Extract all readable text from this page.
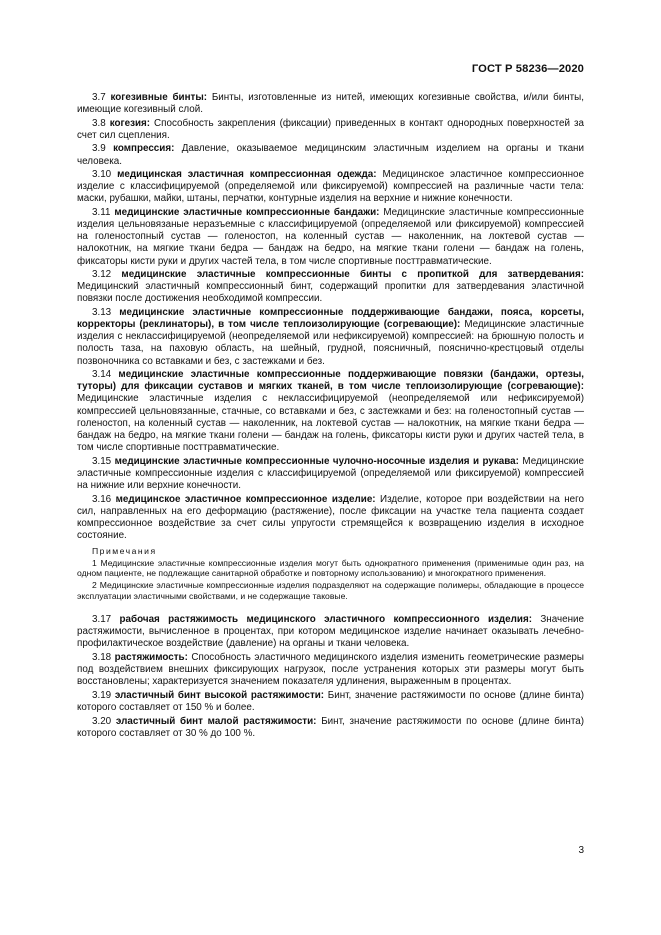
ГОСТ Р 58236—2020

3.7 когезивные бинты: Бинты, изготовленные из нитей, имеющих когезивные свойства, и/или бинты, имеющие когезивный слой.

3.8 когезия: Способность закрепления (фиксации) приведенных в контакт однородных поверхностей за счет сил сцепления.

3.9 компрессия: Давление, оказываемое медицинским эластичным изделием на органы и ткани человека.

3.10 медицинская эластичная компрессионная одежда: Медицинское эластичное компрессионное изделие с классифицируемой (определяемой или фиксируемой) компрессией на различные части тела: маски, рубашки, майки, штаны, перчатки, контурные изделия на верхние и нижние конечности.

3.11 медицинские эластичные компрессионные бандажи: Медицинские эластичные компрессионные изделия цельновязаные неразъемные с классифицируемой (определяемой или фиксируемой) компрессией на голеностопный сустав — голеностоп, на коленный сустав — наколенник, на локтевой сустав — налокотник, на мягкие ткани бедра — бандаж на бедро, на мягкие ткани голени — бандаж на голень, фиксаторы кисти руки и других частей тела, в том числе спортивные посттравматические.

3.12 медицинские эластичные компрессионные бинты с пропиткой для затвердевания: Медицинский эластичный компрессионный бинт, содержащий пропитки для затвердевания эластичной повязки после достижения необходимой компрессии.

3.13 медицинские эластичные компрессионные поддерживающие бандажи, пояса, корсеты, корректоры (реклинаторы), в том числе теплоизолирующие (согревающие): Медицинские эластичные изделия с неклассифицируемой (неопределяемой или нефиксируемой) компрессией: на брюшную полость и полость таза, на паховую область, на шейный, грудной, поясничный, пояснично-крестцовый отделы позвоночника со вставками и без, с застежками и без.

3.14 медицинские эластичные компрессионные поддерживающие повязки (бандажи, ортезы, туторы) для фиксации суставов и мягких тканей, в том числе теплоизолирующие (согревающие): Медицинские эластичные изделия с неклассифицируемой (неопределяемой или нефиксируемой) компрессией цельновязанные, стачные, со вставками и без, с застежками и без: на голеностопный сустав — голеностоп, на коленный сустав — наколенник, на локтевой сустав — налокотник, на мягкие ткани бедра — бандаж на бедро, на мягкие ткани голени — бандаж на голень, фиксаторы кисти руки и других частей тела, в том числе спортивные посттравматические.

3.15 медицинские эластичные компрессионные чулочно-носочные изделия и рукава: Медицинские эластичные компрессионные изделия с классифицируемой (определяемой или фиксируемой) компрессией на нижние или верхние конечности.

3.16 медицинское эластичное компрессионное изделие: Изделие, которое при воздействии на него сил, направленных на его деформацию (растяжение), после фиксации на участке тела пациента создает компрессионное воздействие за счет силы упругости стремящейся к возвращению изделия в исходное состояние.

Примечания

1 Медицинские эластичные компрессионные изделия могут быть однократного применения (применимые один раз, на одном пациенте, не подлежащие санитарной обработке и повторному использованию) и многократного применения.

2 Медицинские эластичные компрессионные изделия подразделяют на содержащие полимеры, обладающие в процессе эксплуатации эластичными свойствами, и не содержащие таковые.

3.17 рабочая растяжимость медицинского эластичного компрессионного изделия: Значение растяжимости, вычисленное в процентах, при котором медицинское изделие начинает оказывать лечебно-профилактическое воздействие (давление) на органы и ткани человека.

3.18 растяжимость: Способность эластичного медицинского изделия изменить геометрические размеры под воздействием внешних фиксирующих нагрузок, после устранения которых эти размеры могут быть восстановлены; характеризуется значением показателя удлинения, выраженным в процентах.

3.19 эластичный бинт высокой растяжимости: Бинт, значение растяжимости по основе (длине бинта) которого составляет от 150 % и более.

3.20 эластичный бинт малой растяжимости: Бинт, значение растяжимости по основе (длине бинта) которого составляет от 30 % до 100 %.

3
